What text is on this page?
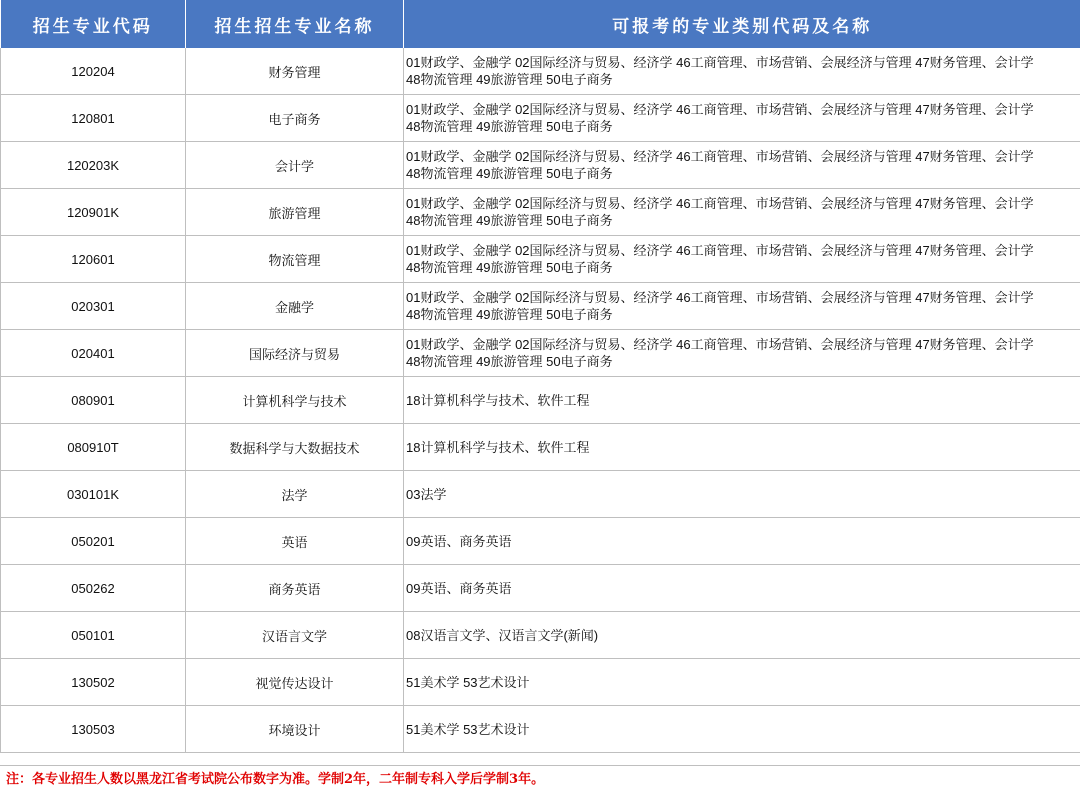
招生专业代码	招生招生专业名称	可报考的专业类别代码及名称
120204	财务管理	01财政学、金融学 02国际经济与贸易、经济学 46工商管理、市场营销、会展经济与管理 47财务管理、会计学
48物流管理 49旅游管理 50电子商务
120801	电子商务	01财政学、金融学 02国际经济与贸易、经济学 46工商管理、市场营销、会展经济与管理 47财务管理、会计学
48物流管理 49旅游管理 50电子商务
120203K	会计学	01财政学、金融学 02国际经济与贸易、经济学 46工商管理、市场营销、会展经济与管理 47财务管理、会计学
48物流管理 49旅游管理 50电子商务
120901K	旅游管理	01财政学、金融学 02国际经济与贸易、经济学 46工商管理、市场营销、会展经济与管理 47财务管理、会计学
48物流管理 49旅游管理 50电子商务
120601	物流管理	01财政学、金融学 02国际经济与贸易、经济学 46工商管理、市场营销、会展经济与管理 47财务管理、会计学
48物流管理 49旅游管理 50电子商务
020301	金融学	01财政学、金融学 02国际经济与贸易、经济学 46工商管理、市场营销、会展经济与管理 47财务管理、会计学
48物流管理 49旅游管理 50电子商务
020401	国际经济与贸易	01财政学、金融学 02国际经济与贸易、经济学 46工商管理、市场营销、会展经济与管理 47财务管理、会计学
48物流管理 49旅游管理 50电子商务
080901	计算机科学与技术	18计算机科学与技术、软件工程
080910T	数据科学与大数据技术	18计算机科学与技术、软件工程
030101K	法学	03法学
050201	英语	09英语、商务英语
050262	商务英语	09英语、商务英语
050101	汉语言文学	08汉语言文学、汉语言文学(新闻)
130502	视觉传达设计	51美术学 53艺术设计
130503	环境设计	51美术学 53艺术设计
注：各专业招生人数以黑龙江省考试院公布数字为准。学制2年，二年制专科入学后学制3年。
